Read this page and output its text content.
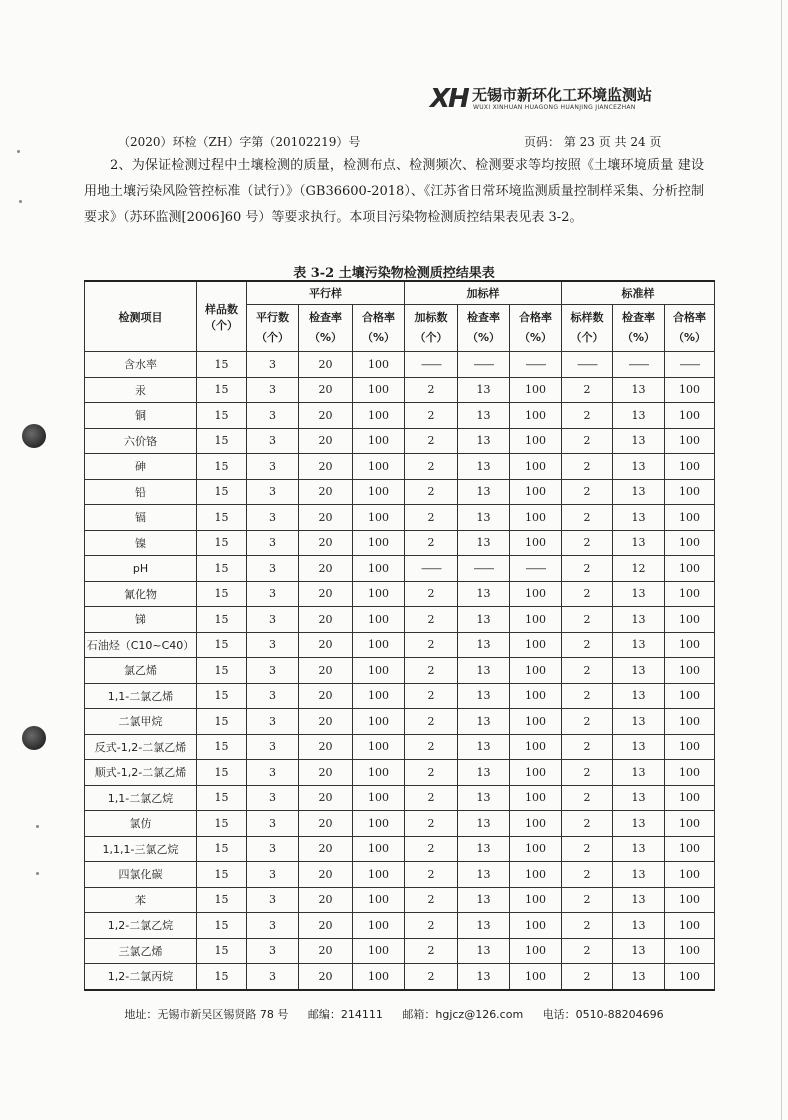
XH 无锡市新环化工环境监测站
WUXI XINHUAN HUAGONG HUANJING JIANCEZHAN
（2020）环检（ZH）字第（20102219）号	页码： 第 23 页 共 24 页

2、为保证检测过程中土壤检测的质量，检测布点、检测频次、检测要求等均按照《土壤环境质量 建设用地土壤污染风险管控标准（试行）》（GB36600-2018）、《江苏省日常环境监测质量控制样采集、分析控制要求》（苏环监测[2006]60 号）等要求执行。本项目污染物检测质控结果表见表 3-2。

表 3-2 土壤污染物检测质控结果表
检测项目	样品数（个）	平行样			加标样			标准样		
		平行数（个）	检查率（%）	合格率（%）	加标数（个）	检查率（%）	合格率（%）	标样数（个）	检查率（%）	合格率（%）
含水率	15	3	20	100	——	——	——	——	——	——
汞	15	3	20	100	2	13	100	2	13	100
铜	15	3	20	100	2	13	100	2	13	100
六价铬	15	3	20	100	2	13	100	2	13	100
砷	15	3	20	100	2	13	100	2	13	100
铅	15	3	20	100	2	13	100	2	13	100
镉	15	3	20	100	2	13	100	2	13	100
镍	15	3	20	100	2	13	100	2	13	100
pH	15	3	20	100	——	——	——	2	12	100
氰化物	15	3	20	100	2	13	100	2	13	100
锑	15	3	20	100	2	13	100	2	13	100
石油烃（C10~C40）	15	3	20	100	2	13	100	2	13	100
氯乙烯	15	3	20	100	2	13	100	2	13	100
1,1-二氯乙烯	15	3	20	100	2	13	100	2	13	100
二氯甲烷	15	3	20	100	2	13	100	2	13	100
反式-1,2-二氯乙烯	15	3	20	100	2	13	100	2	13	100
顺式-1,2-二氯乙烯	15	3	20	100	2	13	100	2	13	100
1,1-二氯乙烷	15	3	20	100	2	13	100	2	13	100
氯仿	15	3	20	100	2	13	100	2	13	100
1,1,1-三氯乙烷	15	3	20	100	2	13	100	2	13	100
四氯化碳	15	3	20	100	2	13	100	2	13	100
苯	15	3	20	100	2	13	100	2	13	100
1,2-二氯乙烷	15	3	20	100	2	13	100	2	13	100
三氯乙烯	15	3	20	100	2	13	100	2	13	100
1,2-二氯丙烷	15	3	20	100	2	13	100	2	13	100
地址：无锡市新吴区锡贤路 78 号 邮编：214111 邮箱：hgjcz@126.com 电话：0510-88204696
